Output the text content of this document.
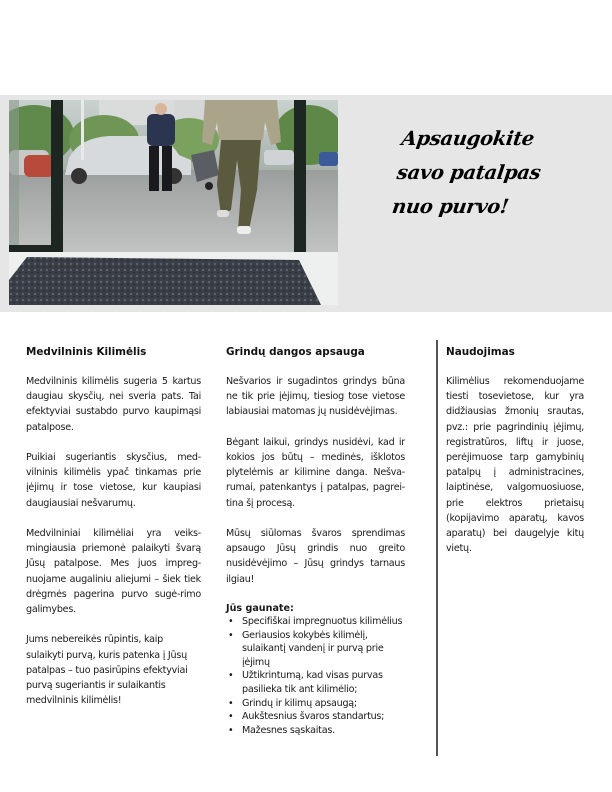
Apsaugokite
savo patalpas
nuo purvo!
Medvilninis Kilimėlis

Medvilninis kilimėlis sugeria 5 kartus daugiau skysčių, nei sveria pats. Tai efektyviai sustabdo purvo kaupimąsi patalpose.

Puikiai sugeriantis skysčius, med-vilninis kilimėlis ypač tinkamas prie įėjimų ir tose vietose, kur kaupiasi daugiausiai nešvarumų.

Medvilniniai kilimėliai yra veiks-mingiausia priemonė palaikyti švarą Jūsų patalpose. Mes juos impreg-nuojame augaliniu aliejumi – šiek tiek drėgmės pagerina purvo sugė-rimo galimybes.

Jums nebereikės rūpintis, kaip sulaikyti purvą, kuris patenka į Jūsų patalpas – tuo pasirūpins efektyviai purvą sugeriantis ir sulaikantis medvilninis kilimėlis!

Grindų dangos apsauga

Nešvarios ir sugadintos grindys būna ne tik prie įėjimų, tiesiog tose vietose labiausiai matomas jų nusidėvėjimas.

Bėgant laikui, grindys nusidėvi, kad ir kokios jos būtų – medinės, išklotos plytelėmis ar kilimine danga. Nešva-rumai, patenkantys į patalpas, pagrei-tina šį procesą.

Mūsų siūlomas švaros sprendimas apsaugo Jūsų grindis nuo greito nusidėvėjimo – Jūsų grindys tarnaus ilgiau!

Jūs gaunate:
• Specifiškai impregnuotus kilimėlius
• Geriausios kokybės kilimėlį, sulaikantį vandenį ir purvą prie įėjimų
• Užtikrintumą, kad visas purvas pasilieka tik ant kilimėlio;
• Grindų ir kilimų apsaugą;
• Aukštesnius švaros standartus;
• Mažesnes sąskaitas.
Naudojimas

Kilimėlius rekomenduojame tiesti tosevietose, kur yra didžiausias žmonių srautas, pvz.: prie pagrindinių įėjimų, registratūros, liftų ir juose, perėjimuose tarp gamybinių patalpų į administracines, laiptinėse, valgomuosiuose, prie elektros prietaisų (kopijavimo aparatų, kavos aparatų) bei daugelyje kitų vietų.
